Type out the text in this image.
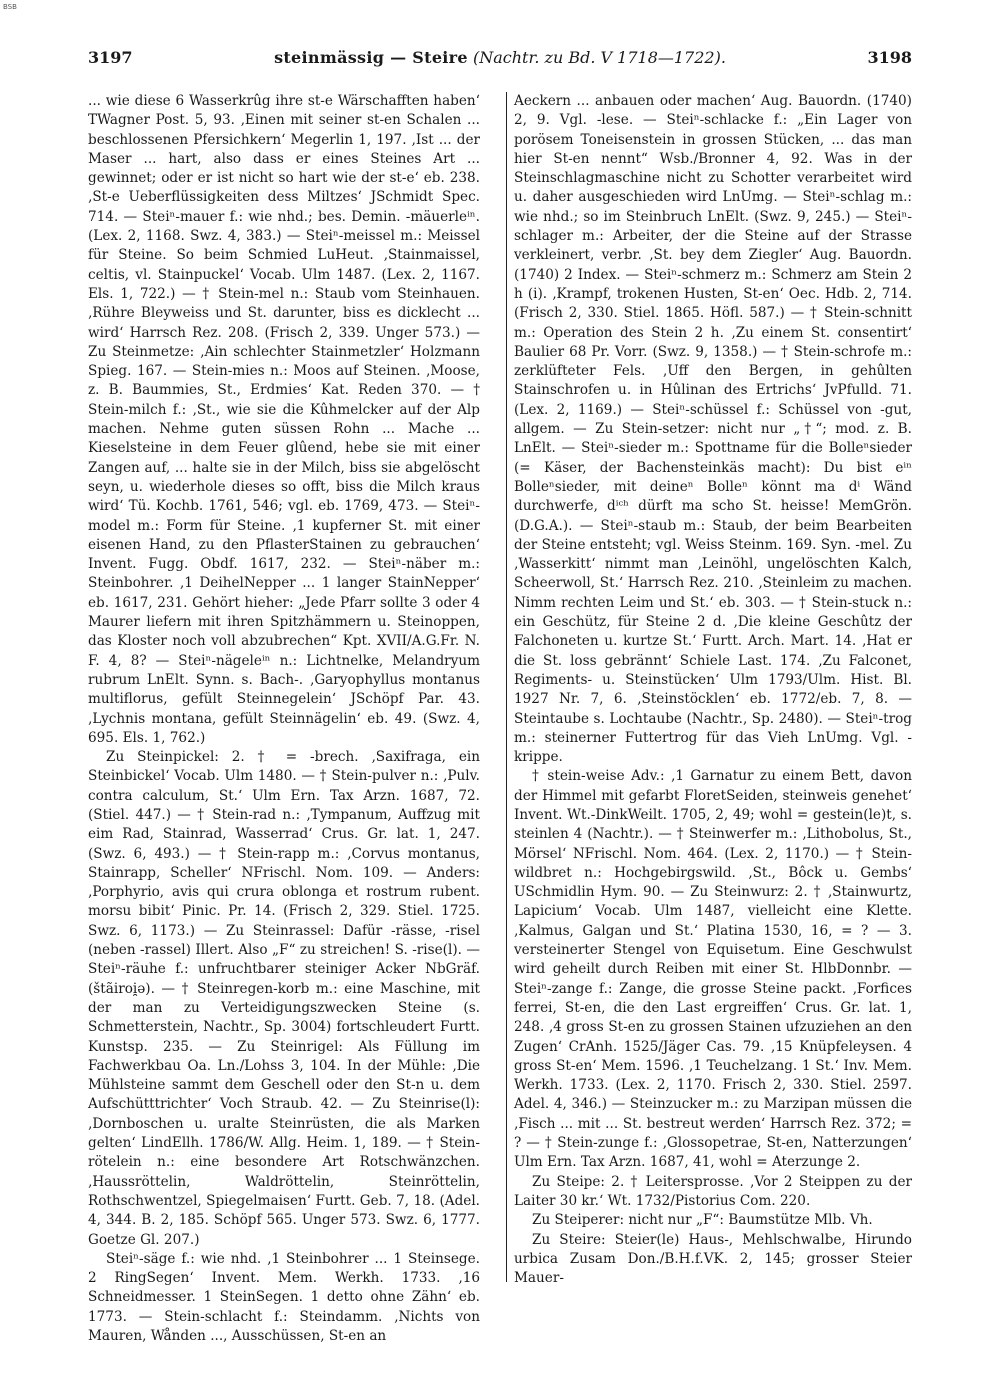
BSB
3197	steinmässig — Steire (Nachtr. zu Bd. V 1718—1722).	3198

... wie diese 6 Wasserkrûg ihre st-e Wärschafften haben‘ TWagner Post. 5, 93. ‚Einen mit seiner st-en Schalen ... beschlossenen Pfersichkern‘ Megerlin 1, 197. ‚Ist ... der Maser ... hart, also dass er eines Steines Art ... gewinnet; oder er ist nicht so hart wie der st-e‘ eb. 238. ‚St-e Ueberflüssigkeiten dess Miltzes‘ JSchmidt Spec. 714. — Steiⁿ-mauer f.: wie nhd.; bes. Demin. -mäuerleⁱⁿ. (Lex. 2, 1168. Swz. 4, 383.) — Steiⁿ-meissel m.: Meissel für Steine. So beim Schmied LuHeut. ‚Stainmaissel, celtis, vl. Stainpuckel‘ Vocab. Ulm 1487. (Lex. 2, 1167. Els. 1, 722.) — † Stein-mel n.: Staub vom Steinhauen. ‚Rühre Bleyweiss und St. darunter, biss es dicklecht ... wird‘ Harrsch Rez. 208. (Frisch 2, 339. Unger 573.) — Zu Steinmetze: ‚Ain schlechter Stainmetzler‘ Holzmann Spieg. 167. — Stein-mies n.: Moos auf Steinen. ‚Moose, z. B. Baummies, St., Erdmies‘ Kat. Reden 370. — † Stein-milch f.: ‚St., wie sie die Kûhmelcker auf der Alp machen. Nehme guten süssen Rohn ... Mache ... Kieselsteine in dem Feuer glûend, hebe sie mit einer Zangen auf, ... halte sie in der Milch, biss sie abgelöscht seyn, u. wiederhole dieses so offt, biss die Milch kraus wird‘ Tü. Kochb. 1761, 546; vgl. eb. 1769, 473. — Steiⁿ-model m.: Form für Steine. ‚1 kupferner St. mit einer eisenen Hand, zu den PflasterStainen zu gebrauchen‘ Invent. Fugg. Obdf. 1617, 232. — Steiⁿ-näber m.: Steinbohrer. ‚1 DeihelNepper ... 1 langer StainNepper‘ eb. 1617, 231. Gehört hieher: „Jede Pfarr sollte 3 oder 4 Maurer liefern mit ihren Spitzhämmern u. Steinoppen, das Kloster noch voll abzubrechen“ Kpt. XVII/A.G.Fr. N. F. 4, 8? — Steiⁿ-nägeleⁱⁿ n.: Lichtnelke, Melandryum rubrum LnElt. Synn. s. Bach-. ‚Garyophyllus montanus multiflorus, gefült Steinnegelein‘ JSchöpf Par. 43. ‚Lychnis montana, gefült Steinnägelin‘ eb. 49. (Swz. 4, 695. Els. 1, 762.)

Zu Steinpickel: 2. † = -brech. ‚Saxifraga, ein Steinbickel‘ Vocab. Ulm 1480. — † Stein-pulver n.: ‚Pulv. contra calculum, St.‘ Ulm Ern. Tax Arzn. 1687, 72. (Stiel. 447.) — † Stein-rad n.: ‚Tympanum, Auffzug mit eim Rad, Stainrad, Wasserrad‘ Crus. Gr. lat. 1, 247. (Swz. 6, 493.) — † Stein-rapp m.: ‚Corvus montanus, Stainrapp, Scheller‘ NFrischl. Nom. 109. — Anders: ‚Porphyrio, avis qui crura oblonga et rostrum rubent. morsu bibit‘ Pinic. Pr. 14. (Frisch 2, 329. Stiel. 1725. Swz. 6, 1173.) — Zu Steinrassel: Dafür -rässe, -risel (neben -rassel) Illert. Also „F“ zu streichen! S. -rise(l). — Steiⁿ-räuhe f.: unfruchtbarer steiniger Acker NbGräf. (štãiroi̯ə). — † Steinregen-korb m.: eine Maschine, mit der man zu Verteidigungszwecken Steine (s. Schmetterstein, Nachtr., Sp. 3004) fortschleudert Furtt. Kunstsp. 235. — Zu Steinrigel: Als Füllung im Fachwerkbau Oa. Ln./Lohss 3, 104. In der Mühle: ‚Die Mühlsteine sammt dem Geschell oder den St-n u. dem Aufschütttrichter‘ Voch Straub. 42. — Zu Steinrise(l): ‚Dornboschen u. uralte Steinrüsten, die als Marken gelten‘ LindEllh. 1786/W. Allg. Heim. 1, 189. — † Stein-rötelein n.: eine besondere Art Rotschwänzchen. ‚Haussröttelin, Waldröttelin, Steinröttelin, Rothschwentzel, Spiegelmaisen‘ Furtt. Geb. 7, 18. (Adel. 4, 344. B. 2, 185. Schöpf 565. Unger 573. Swz. 6, 1777. Goetze Gl. 207.)

Steiⁿ-säge f.: wie nhd. ‚1 Steinbohrer ... 1 Steinsege. 2 RingSegen‘ Invent. Mem. Werkh. 1733. ‚16 Schneidmesser. 1 SteinSegen. 1 detto ohne Zähn‘ eb. 1773. — Stein-schlacht f.: Steindamm. ‚Nichts von Mauren, Wånden ..., Ausschüssen, St-en an

Aeckern ... anbauen oder machen‘ Aug. Bauordn. (1740) 2, 9. Vgl. -lese. — Steiⁿ-schlacke f.: „Ein Lager von porösem Toneisenstein in grossen Stücken, ... das man hier St-en nennt“ Wsb./Bronner 4, 92. Was in der Steinschlagmaschine nicht zu Schotter verarbeitet wird u. daher ausgeschieden wird LnUmg. — Steiⁿ-schlag m.: wie nhd.; so im Steinbruch LnElt. (Swz. 9, 245.) — Steiⁿ-schlager m.: Arbeiter, der die Steine auf der Strasse verkleinert, verbr. ‚St. bey dem Ziegler‘ Aug. Bauordn. (1740) 2 Index. — Steiⁿ-schmerz m.: Schmerz am Stein 2 h (i). ‚Krampf, trokenen Husten, St-en‘ Oec. Hdb. 2, 714. (Frisch 2, 330. Stiel. 1865. Höfl. 587.) — † Stein-schnitt m.: Operation des Stein 2 h. ‚Zu einem St. consentirt‘ Baulier 68 Pr. Vorr. (Swz. 9, 1358.) — † Stein-schrofe m.: zerklüfteter Fels. ‚Uff den Bergen, in gehûlten Stainschrofen u. in Hûlinan des Ertrichs‘ JvPfulld. 71. (Lex. 2, 1169.) — Steiⁿ-schüssel f.: Schüssel von -gut, allgem. — Zu Stein-setzer: nicht nur „†“; mod. z. B. LnElt. — Steiⁿ-sieder m.: Spottname für die Bolleⁿsieder (= Käser, der Bachensteinkäs macht): Du bist eⁱⁿ Bolleⁿsieder, mit deineⁿ Bolleⁿ könnt ma dⁱ Wänd durchwerfe, dⁱᶜʰ dürft ma scho St. heisse! MemGrön. (D.G.A.). — Steiⁿ-staub m.: Staub, der beim Bearbeiten der Steine entsteht; vgl. Weiss Steinm. 169. Syn. -mel. Zu ‚Wasserkitt‘ nimmt man ‚Leinöhl, ungelöschten Kalch, Scheerwoll, St.‘ Harrsch Rez. 210. ‚Steinleim zu machen. Nimm rechten Leim und St.‘ eb. 303. — † Stein-stuck n.: ein Geschütz, für Steine 2 d. ‚Die kleine Geschûtz der Falchoneten u. kurtze St.‘ Furtt. Arch. Mart. 14. ‚Hat er die St. loss gebrännt‘ Schiele Last. 174. ‚Zu Falconet, Regiments- u. Steinstücken‘ Ulm 1793/Ulm. Hist. Bl. 1927 Nr. 7, 6. ‚Steinstöcklen‘ eb. 1772/eb. 7, 8. — Steintaube s. Lochtaube (Nachtr., Sp. 2480). — Steiⁿ-trog m.: steinerner Futtertrog für das Vieh LnUmg. Vgl. -krippe.

† stein-weise Adv.: ‚1 Garnatur zu einem Bett, davon der Himmel mit gefarbt FloretSeiden, steinweis genehet‘ Invent. Wt.-DinkWeilt. 1705, 2, 49; wohl = gestein(le)t, s. steinlen 4 (Nachtr.). — † Steinwerfer m.: ‚Lithobolus, St., Mörsel‘ NFrischl. Nom. 464. (Lex. 2, 1170.) — † Stein-wildbret n.: Hochgebirgswild. ‚St., Bôck u. Gembs‘ USchmidlin Hym. 90. — Zu Steinwurz: 2. † ‚Stainwurtz, Lapicium‘ Vocab. Ulm 1487, vielleicht eine Klette. ‚Kalmus, Galgan und St.‘ Platina 1530, 16, = ? — 3. versteinerter Stengel von Equisetum. Eine Geschwulst wird geheilt durch Reiben mit einer St. HlbDonnbr. — Steiⁿ-zange f.: Zange, die grosse Steine packt. ‚Forfices ferrei, St-en, die den Last ergreiffen‘ Crus. Gr. lat. 1, 248. ‚4 gross St-en zu grossen Stainen ufzuziehen an den Zugen‘ CrAnh. 1525/Jäger Cas. 79. ‚15 Knüpfeleysen. 4 gross St-en‘ Mem. 1596. ‚1 Teuchelzang. 1 St.‘ Inv. Mem. Werkh. 1733. (Lex. 2, 1170. Frisch 2, 330. Stiel. 2597. Adel. 4, 346.) — Steinzucker m.: zu Marzipan müssen die ‚Fisch ... mit ... St. bestreut werden‘ Harrsch Rez. 372; = ? — † Stein-zunge f.: ‚Glossopetrae, St-en, Natterzungen‘ Ulm Ern. Tax Arzn. 1687, 41, wohl = Aterzunge 2.

Zu Steipe: 2. † Leitersprosse. ‚Vor 2 Steippen zu der Laiter 30 kr.‘ Wt. 1732/Pistorius Com. 220.

Zu Steiperer: nicht nur „F“: Baumstütze Mlb. Vh.

Zu Steire: Steier(le) Haus-, Mehlschwalbe, Hirundo urbica Zusam Don./B.H.f.VK. 2, 145; grosser Steier Mauer-
